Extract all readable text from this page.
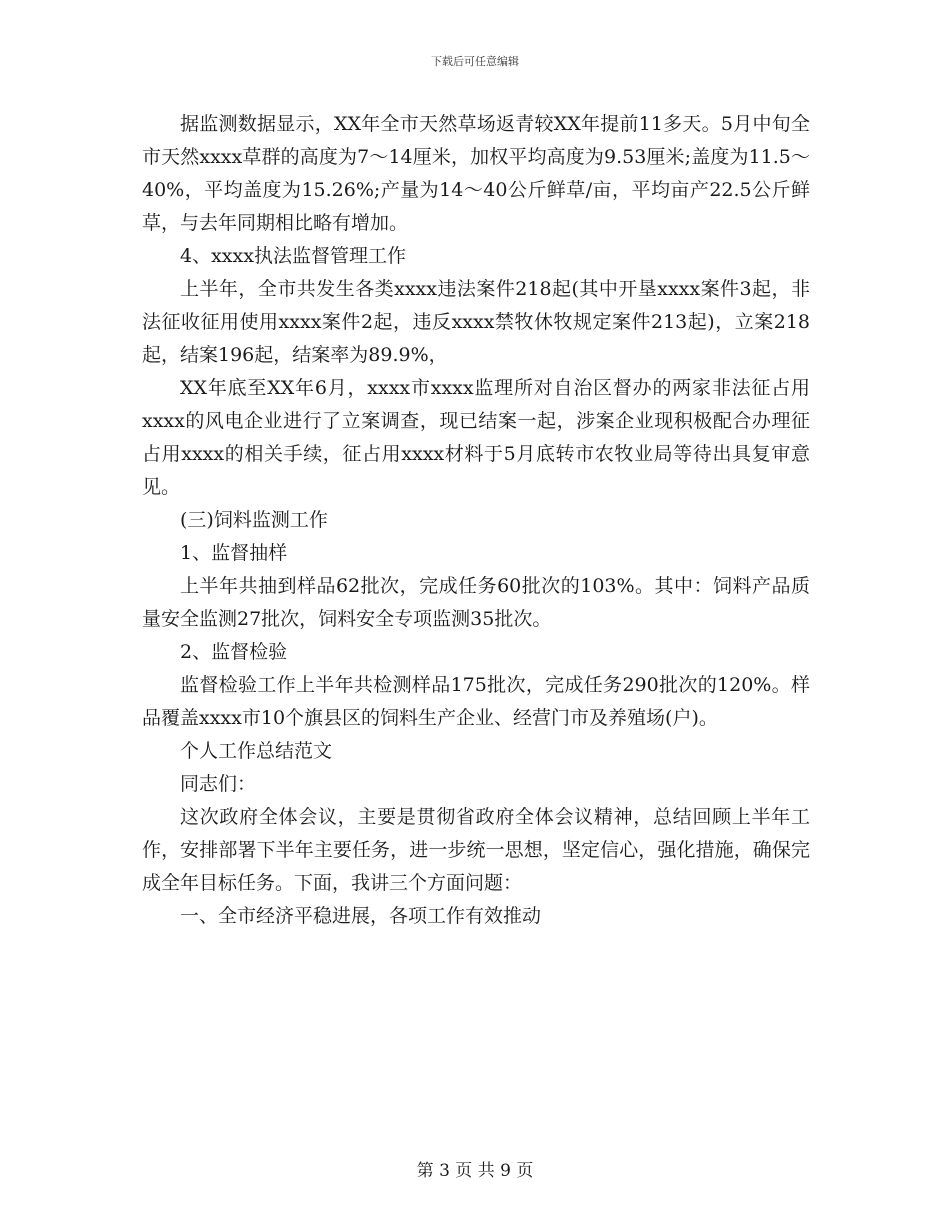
下载后可任意编辑

据监测数据显示，XX年全市天然草场返青较XX年提前11多天。5月中旬全市天然xxxx草群的高度为7～14厘米，加权平均高度为9.53厘米;盖度为11.5～40%，平均盖度为15.26%;产量为14～40公斤鲜草/亩，平均亩产22.5公斤鲜草，与去年同期相比略有增加。

4、xxxx执法监督管理工作

上半年，全市共发生各类xxxx违法案件218起(其中开垦xxxx案件3起，非法征收征用使用xxxx案件2起，违反xxxx禁牧休牧规定案件213起)，立案218起，结案196起，结案率为89.9%，

XX年底至XX年6月，xxxx市xxxx监理所对自治区督办的两家非法征占用xxxx的风电企业进行了立案调查，现已结案一起，涉案企业现积极配合办理征占用xxxx的相关手续，征占用xxxx材料于5月底转市农牧业局等待出具复审意见。

(三)饲料监测工作

1、监督抽样

上半年共抽到样品62批次，完成任务60批次的103%。其中：饲料产品质量安全监测27批次，饲料安全专项监测35批次。

2、监督检验

监督检验工作上半年共检测样品175批次，完成任务290批次的120%。样品覆盖xxxx市10个旗县区的饲料生产企业、经营门市及养殖场(户)。

个人工作总结范文

同志们：

这次政府全体会议，主要是贯彻省政府全体会议精神，总结回顾上半年工作，安排部署下半年主要任务，进一步统一思想，坚定信心，强化措施，确保完成全年目标任务。下面，我讲三个方面问题：

一、全市经济平稳进展，各项工作有效推动

第 3 页 共 9 页
